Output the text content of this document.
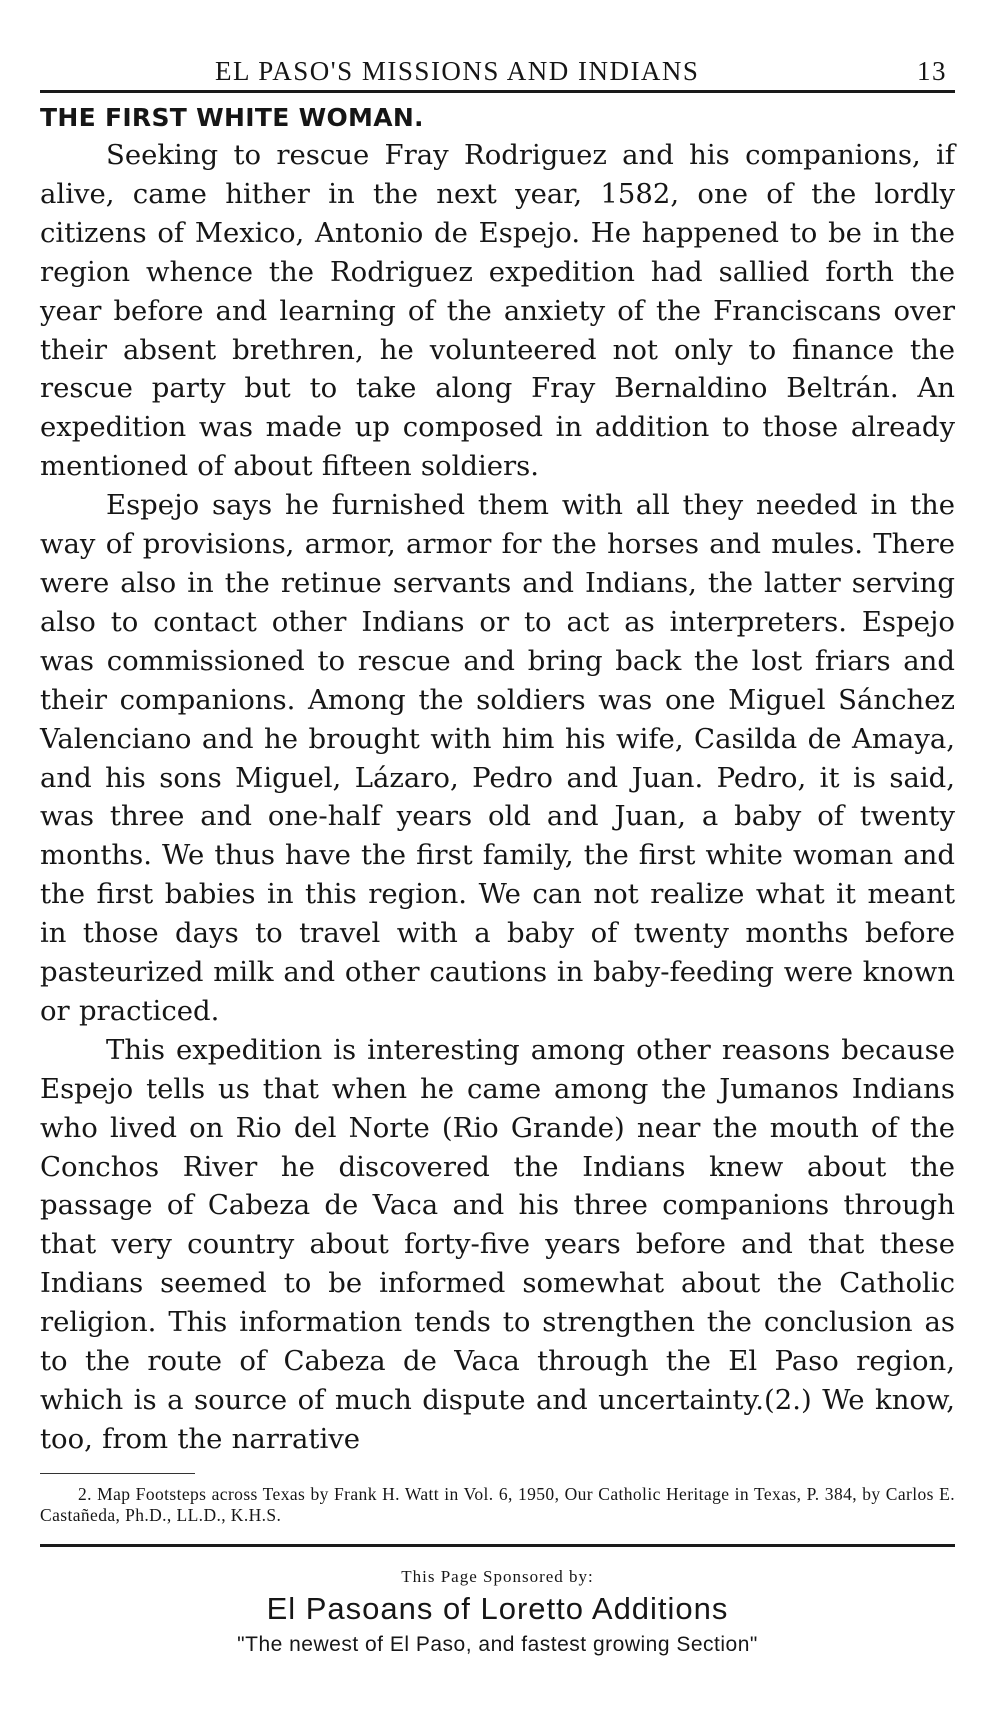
EL PASO'S MISSIONS AND INDIANS	13
THE FIRST WHITE WOMAN.

Seeking to rescue Fray Rodriguez and his companions, if alive, came hither in the next year, 1582, one of the lordly citizens of Mexico, Antonio de Espejo. He happened to be in the region whence the Rodriguez expedition had sallied forth the year before and learning of the anxiety of the Franciscans over their absent brethren, he volunteered not only to finance the rescue party but to take along Fray Bernaldino Beltrán. An expedition was made up composed in addition to those already mentioned of about fifteen soldiers.

Espejo says he furnished them with all they needed in the way of provisions, armor, armor for the horses and mules. There were also in the retinue servants and Indians, the latter serving also to contact other Indians or to act as interpreters. Espejo was commissioned to rescue and bring back the lost friars and their companions. Among the soldiers was one Miguel Sánchez Valenciano and he brought with him his wife, Casilda de Amaya, and his sons Miguel, Lázaro, Pedro and Juan. Pedro, it is said, was three and one-half years old and Juan, a baby of twenty months. We thus have the first family, the first white woman and the first babies in this region. We can not realize what it meant in those days to travel with a baby of twenty months before pasteurized milk and other cautions in baby-feeding were known or practiced.

This expedition is interesting among other reasons because Espejo tells us that when he came among the Jumanos Indians who lived on Rio del Norte (Rio Grande) near the mouth of the Conchos River he discovered the Indians knew about the passage of Cabeza de Vaca and his three companions through that very country about forty-five years before and that these Indians seemed to be informed somewhat about the Catholic religion. This information tends to strengthen the conclusion as to the route of Cabeza de Vaca through the El Paso region, which is a source of much dispute and uncertainty.(2.) We know, too, from the narrative

2. Map Footsteps across Texas by Frank H. Watt in Vol. 6, 1950, Our Catholic Heritage in Texas, P. 384, by Carlos E. Castañeda, Ph.D., LL.D., K.H.S.

This Page Sponsored by:
El Pasoans of Loretto Additions
"The newest of El Paso, and fastest growing Section"
